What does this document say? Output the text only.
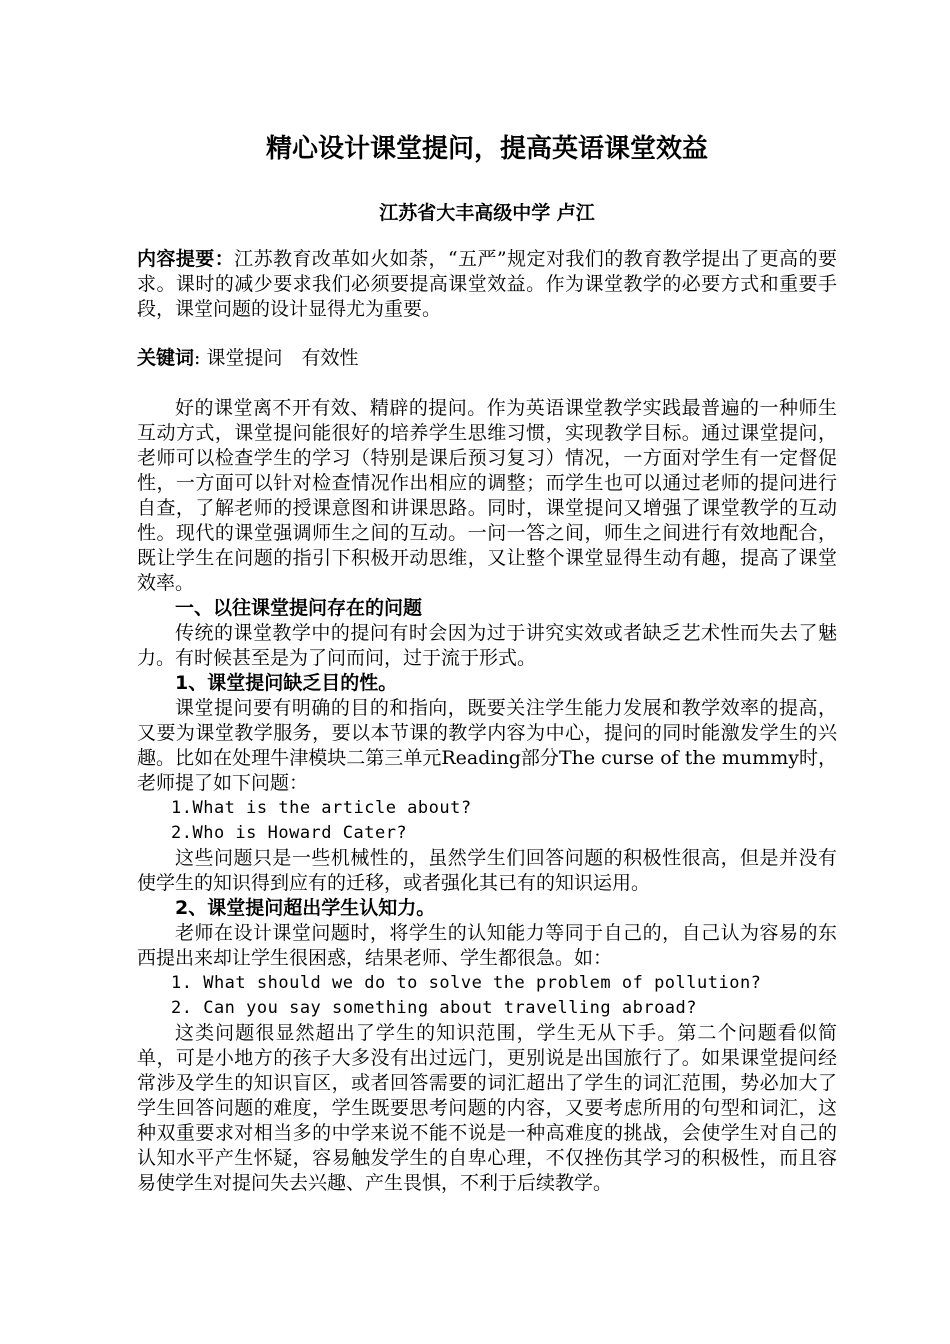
精心设计课堂提问，提高英语课堂效益
江苏省大丰高级中学 卢江
内容提要：江苏教育改革如火如荼，“五严”规定对我们的教育教学提出了更高的要求。课时的减少要求我们必须要提高课堂效益。作为课堂教学的必要方式和重要手段，课堂问题的设计显得尤为重要。
关键词: 课堂提问　有效性

好的课堂离不开有效、精辟的提问。作为英语课堂教学实践最普遍的一种师生互动方式，课堂提问能很好的培养学生思维习惯，实现教学目标。通过课堂提问，老师可以检查学生的学习（特别是课后预习复习）情况，一方面对学生有一定督促性，一方面可以针对检查情况作出相应的调整；而学生也可以通过老师的提问进行自查，了解老师的授课意图和讲课思路。同时，课堂提问又增强了课堂教学的互动性。现代的课堂强调师生之间的互动。一问一答之间，师生之间进行有效地配合，既让学生在问题的指引下积极开动思维，又让整个课堂显得生动有趣，提高了课堂效率。

一、以往课堂提问存在的问题

传统的课堂教学中的提问有时会因为过于讲究实效或者缺乏艺术性而失去了魅力。有时候甚至是为了问而问，过于流于形式。

1、课堂提问缺乏目的性。

课堂提问要有明确的目的和指向，既要关注学生能力发展和教学效率的提高，又要为课堂教学服务，要以本节课的教学内容为中心，提问的同时能激发学生的兴趣。比如在处理牛津模块二第三单元Reading部分The curse of the mummy时，老师提了如下问题：

1.What is the article about?

2.Who is Howard Cater?

这些问题只是一些机械性的，虽然学生们回答问题的积极性很高，但是并没有使学生的知识得到应有的迁移，或者强化其已有的知识运用。

2、课堂提问超出学生认知力。

老师在设计课堂问题时，将学生的认知能力等同于自己的，自己认为容易的东西提出来却让学生很困惑，结果老师、学生都很急。如：

1. What should we do to solve the problem of pollution?

2. Can you say something about travelling abroad?

这类问题很显然超出了学生的知识范围，学生无从下手。第二个问题看似简单，可是小地方的孩子大多没有出过远门，更别说是出国旅行了。如果课堂提问经常涉及学生的知识盲区，或者回答需要的词汇超出了学生的词汇范围，势必加大了学生回答问题的难度，学生既要思考问题的内容，又要考虑所用的句型和词汇，这种双重要求对相当多的中学来说不能不说是一种高难度的挑战，会使学生对自己的认知水平产生怀疑，容易触发学生的自卑心理，不仅挫伤其学习的积极性，而且容易使学生对提问失去兴趣、产生畏惧，不利于后续教学。
